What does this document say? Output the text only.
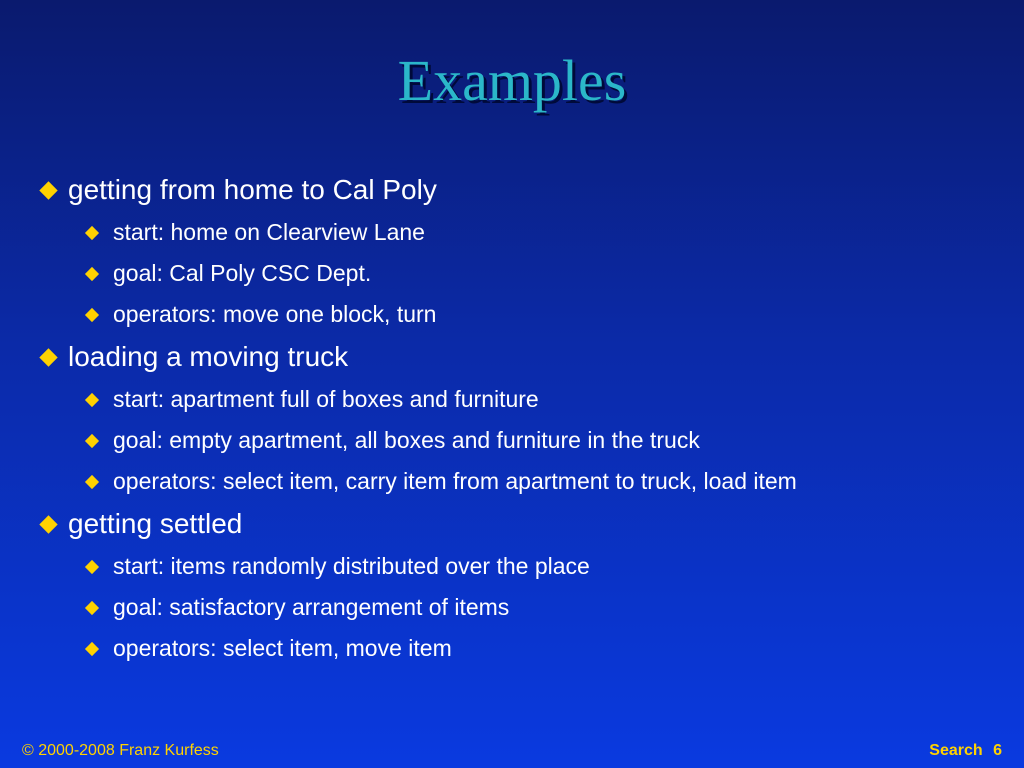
Examples
getting from home to Cal Poly
start: home on Clearview Lane
goal: Cal Poly CSC Dept.
operators: move one block, turn
loading a moving truck
start: apartment full of boxes and furniture
goal: empty apartment, all boxes and furniture in the truck
operators: select item, carry item from apartment to truck, load item
getting settled
start: items randomly distributed over the place
goal: satisfactory arrangement of items
operators: select item, move item
© 2000-2008 Franz Kurfess	Search 6
